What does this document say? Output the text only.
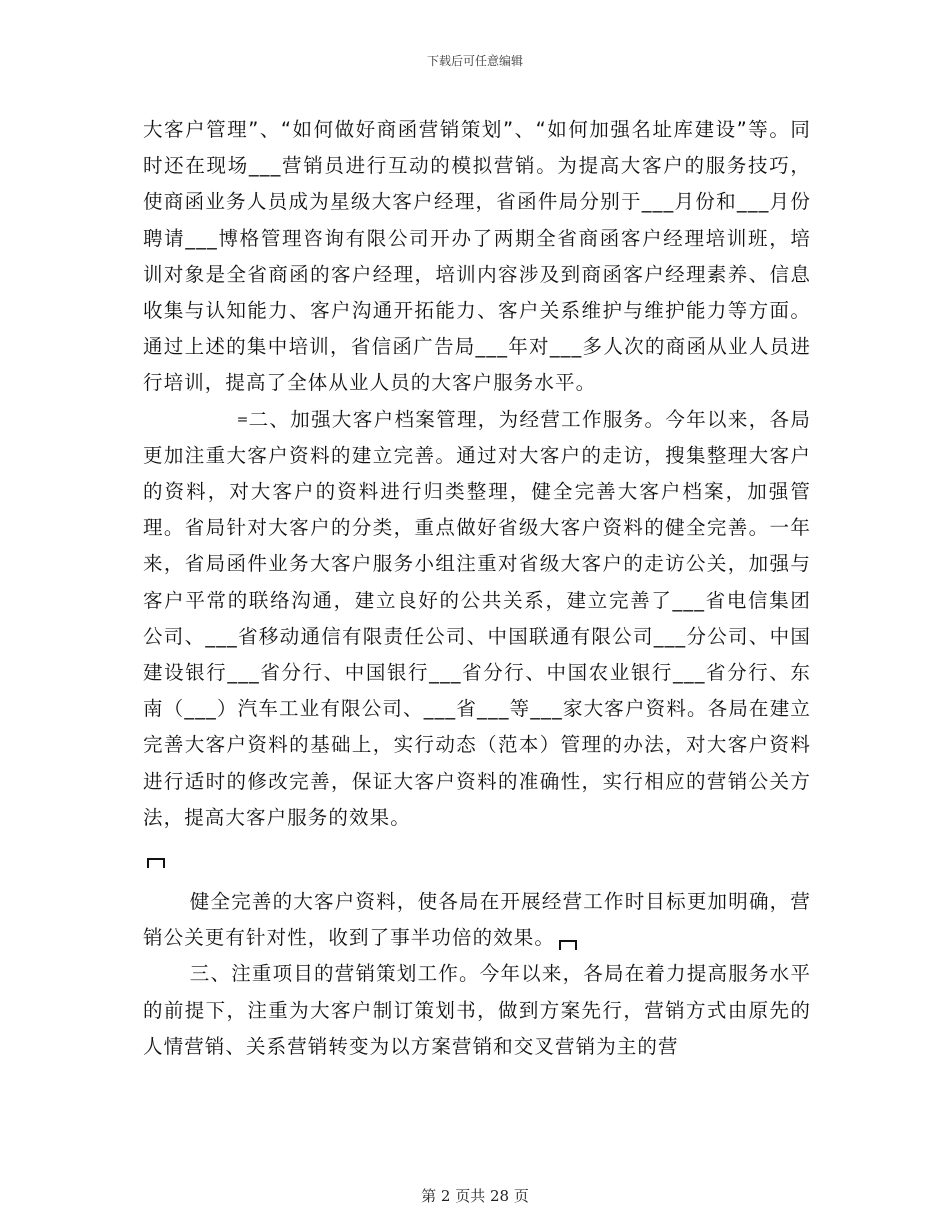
下载后可任意编辑

大客户管理”、“如何做好商函营销策划”、“如何加强名址库建设”等。同时还在现场___营销员进行互动的模拟营销。为提高大客户的服务技巧，使商函业务人员成为星级大客户经理，省函件局分别于___月份和___月份聘请___博格管理咨询有限公司开办了两期全省商函客户经理培训班，培训对象是全省商函的客户经理，培训内容涉及到商函客户经理素养、信息收集与认知能力、客户沟通开拓能力、客户关系维护与维护能力等方面。通过上述的集中培训，省信函广告局___年对___多人次的商函从业人员进行培训，提高了全体从业人员的大客户服务水平。

=二、加强大客户档案管理，为经营工作服务。今年以来，各局更加注重大客户资料的建立完善。通过对大客户的走访，搜集整理大客户的资料，对大客户的资料进行归类整理，健全完善大客户档案，加强管理。省局针对大客户的分类，重点做好省级大客户资料的健全完善。一年来，省局函件业务大客户服务小组注重对省级大客户的走访公关，加强与客户平常的联络沟通，建立良好的公共关系，建立完善了___省电信集团公司、___省移动通信有限责任公司、中国联通有限公司___分公司、中国建设银行___省分行、中国银行___省分行、中国农业银行___省分行、东南（___）汽车工业有限公司、___省___等___家大客户资料。各局在建立完善大客户资料的基础上，实行动态（范本）管理的办法，对大客户资料进行适时的修改完善，保证大客户资料的准确性，实行相应的营销公关方法，提高大客户服务的效果。

健全完善的大客户资料，使各局在开展经营工作时目标更加明确，营销公关更有针对性，收到了事半功倍的效果。

三、注重项目的营销策划工作。今年以来，各局在着力提高服务水平的前提下，注重为大客户制订策划书，做到方案先行，营销方式由原先的人情营销、关系营销转变为以方案营销和交叉营销为主的营

第 2 页共 28 页
